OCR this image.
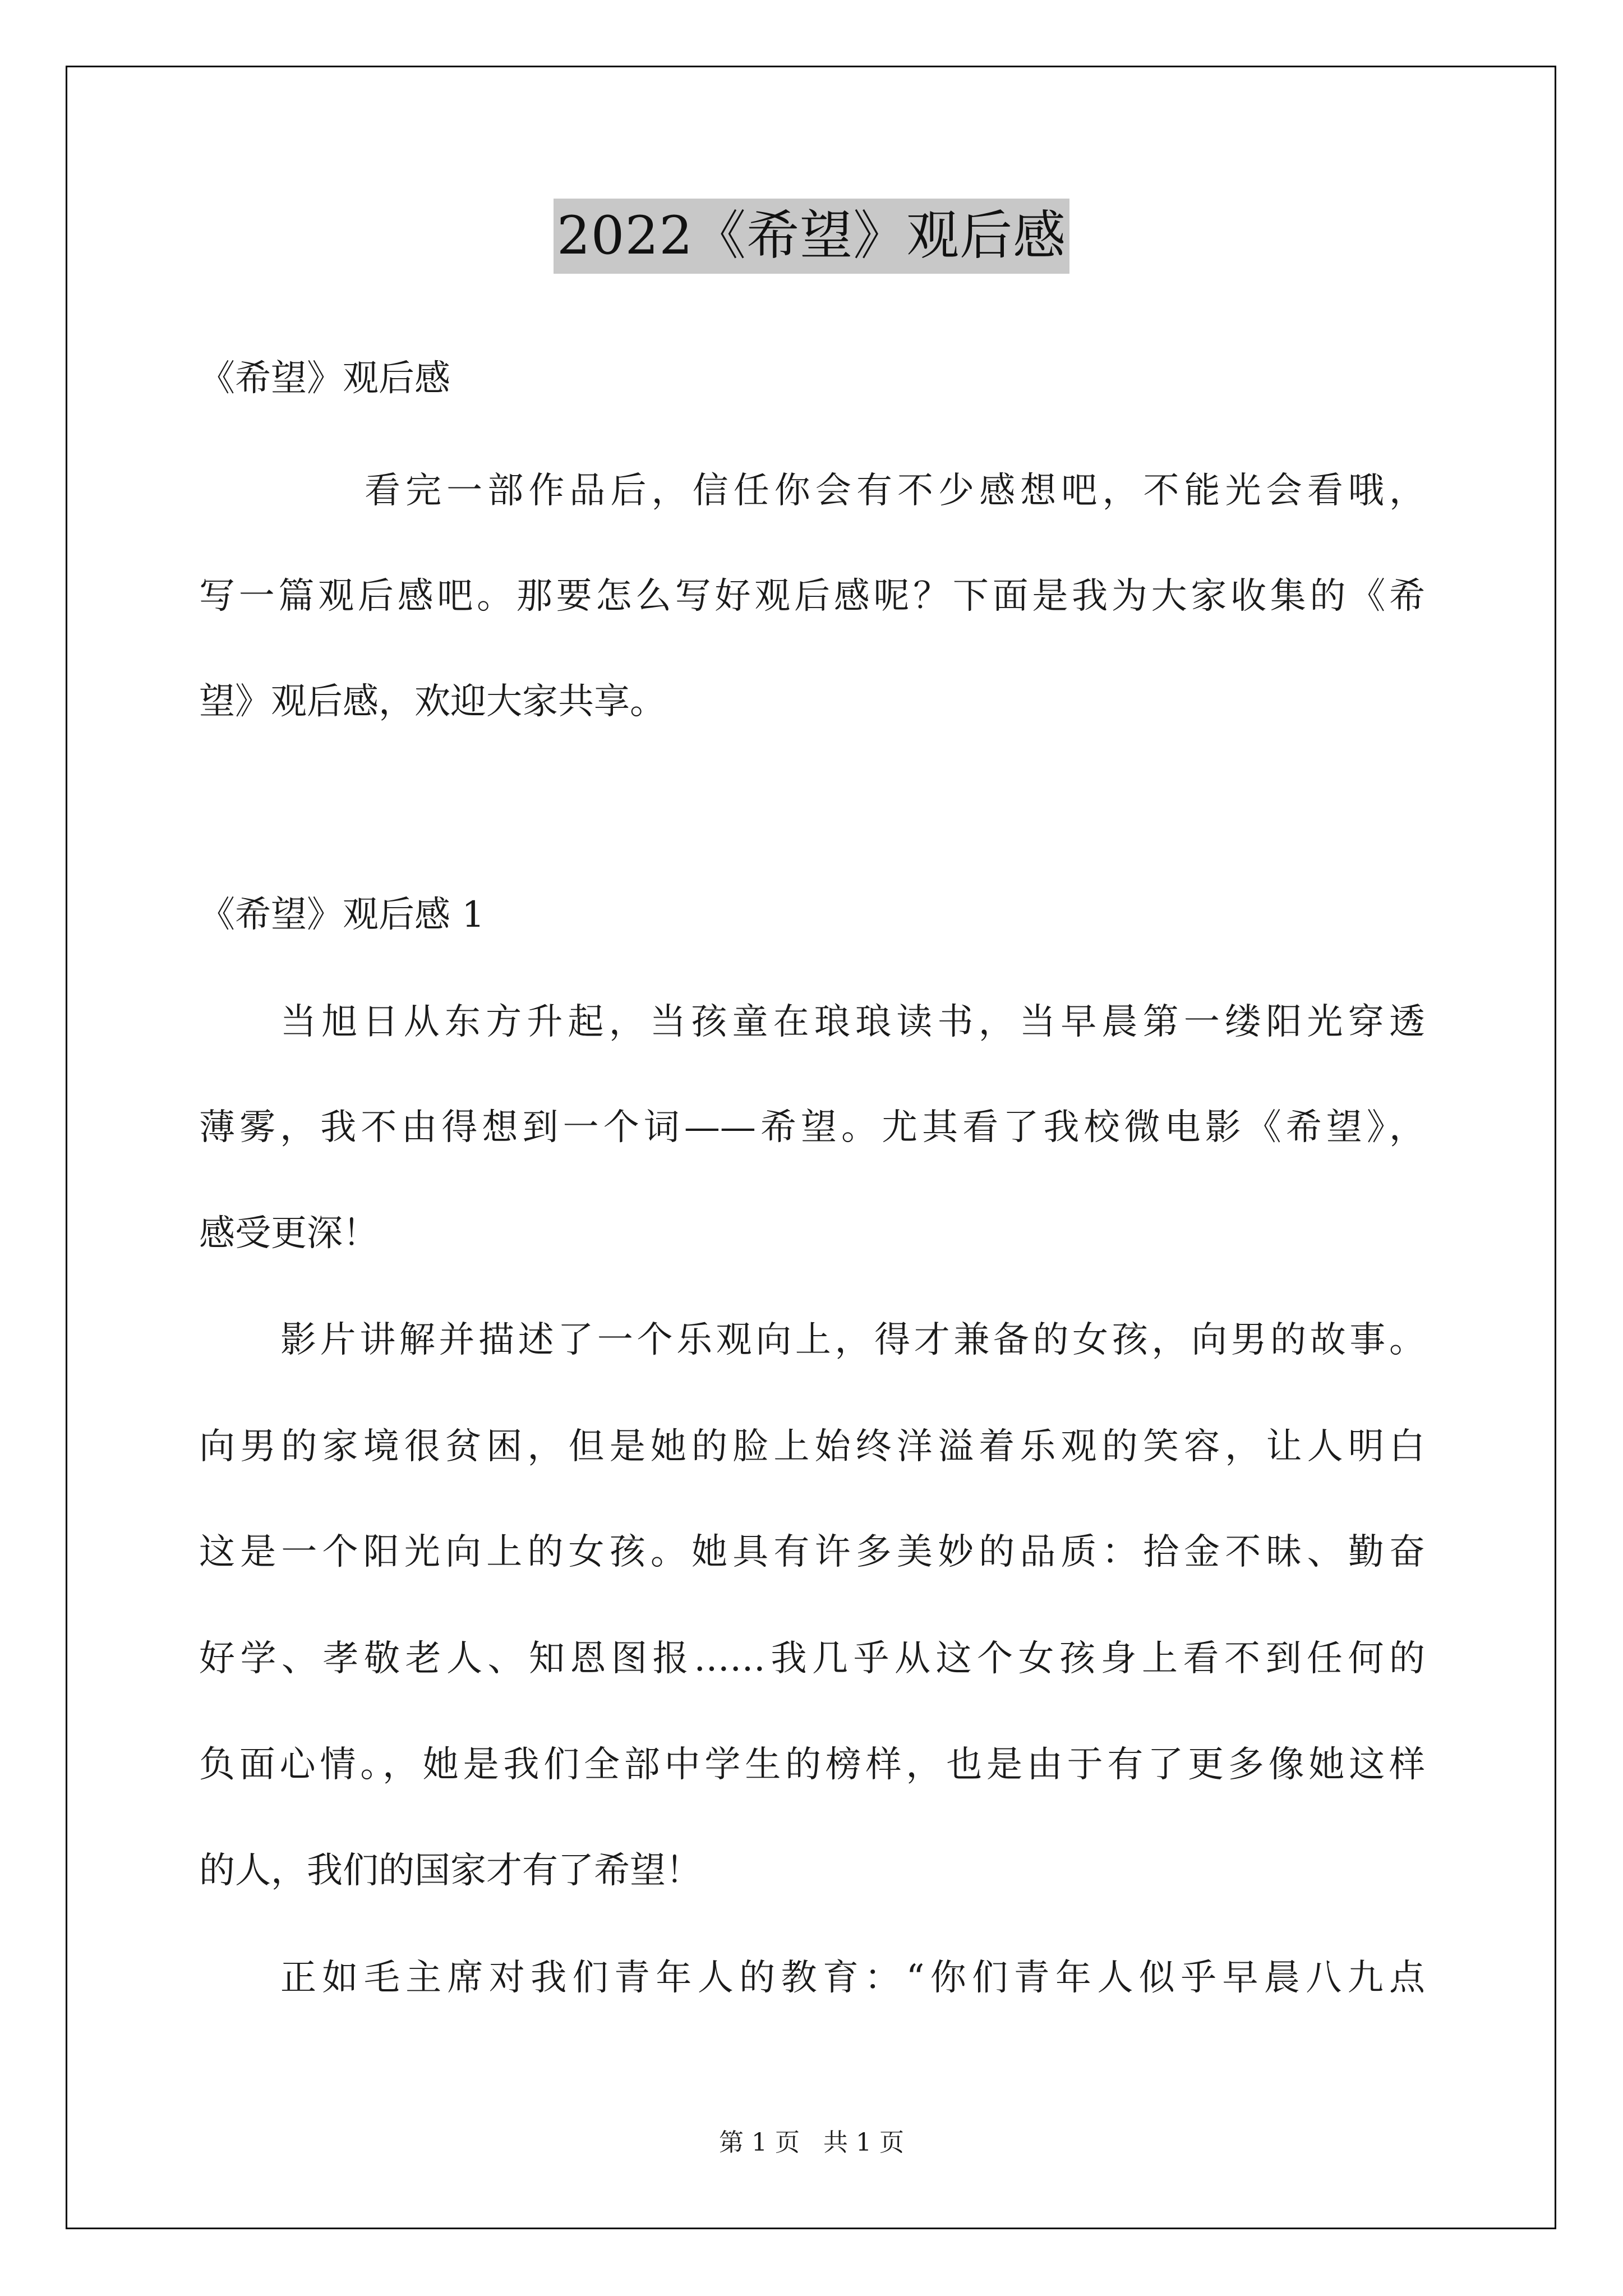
2022《希望》观后感
《希望》观后感
看完一部作品后，信任你会有不少感想吧，不能光会看哦，
写一篇观后感吧。那要怎么写好观后感呢？下面是我为大家收集的《希
望》观后感，欢迎大家共享。
《希望》观后感 1
当旭日从东方升起，当孩童在琅琅读书，当早晨第一缕阳光穿透
薄雾，我不由得想到一个词——希望。尤其看了我校微电影《希望》，
感受更深！
影片讲解并描述了一个乐观向上，得才兼备的女孩，向男的故事。
向男的家境很贫困，但是她的脸上始终洋溢着乐观的笑容，让人明白
这是一个阳光向上的女孩。她具有许多美妙的品质：拾金不昧、勤奋
好学、孝敬老人、知恩图报……我几乎从这个女孩身上看不到任何的
负面心情。，她是我们全部中学生的榜样，也是由于有了更多像她这样
的人，我们的国家才有了希望！
正如毛主席对我们青年人的教育：“你们青年人似乎早晨八九点
第 1 页   共 1 页
